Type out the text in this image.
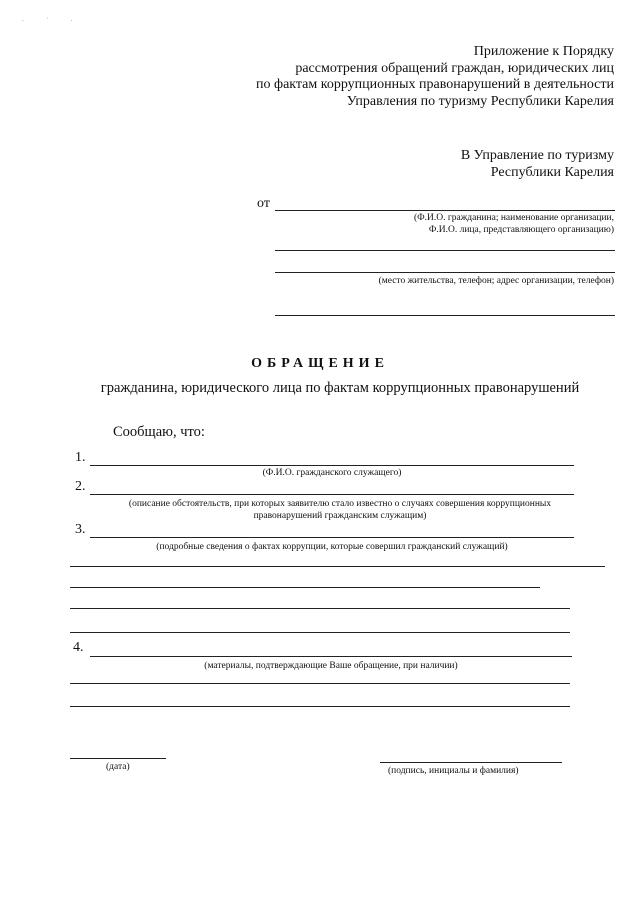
. · .
Приложение к Порядку
рассмотрения обращений граждан, юридических лиц
по фактам коррупционных правонарушений в деятельности
Управления по туризму Республики Карелия
В Управление по туризму
Республики Карелия
от
(Ф.И.О. гражданина; наименование организации,
Ф.И.О. лица, представляющего организацию)
(место жительства, телефон; адрес организации, телефон)
ОБРАЩЕНИЕ
гражданина, юридического лица по фактам коррупционных правонарушений
Сообщаю, что:
1.
(Ф.И.О. гражданского служащего)
2.
(описание обстоятельств, при которых заявителю стало известно о случаях совершения коррупционных
правонарушений гражданским служащим)
3.
(подробные сведения о фактах коррупции, которые совершил гражданский служащий)
4.
(материалы, подтверждающие Ваше обращение, при наличии)
(дата)	(подпись, инициалы и фамилия)
